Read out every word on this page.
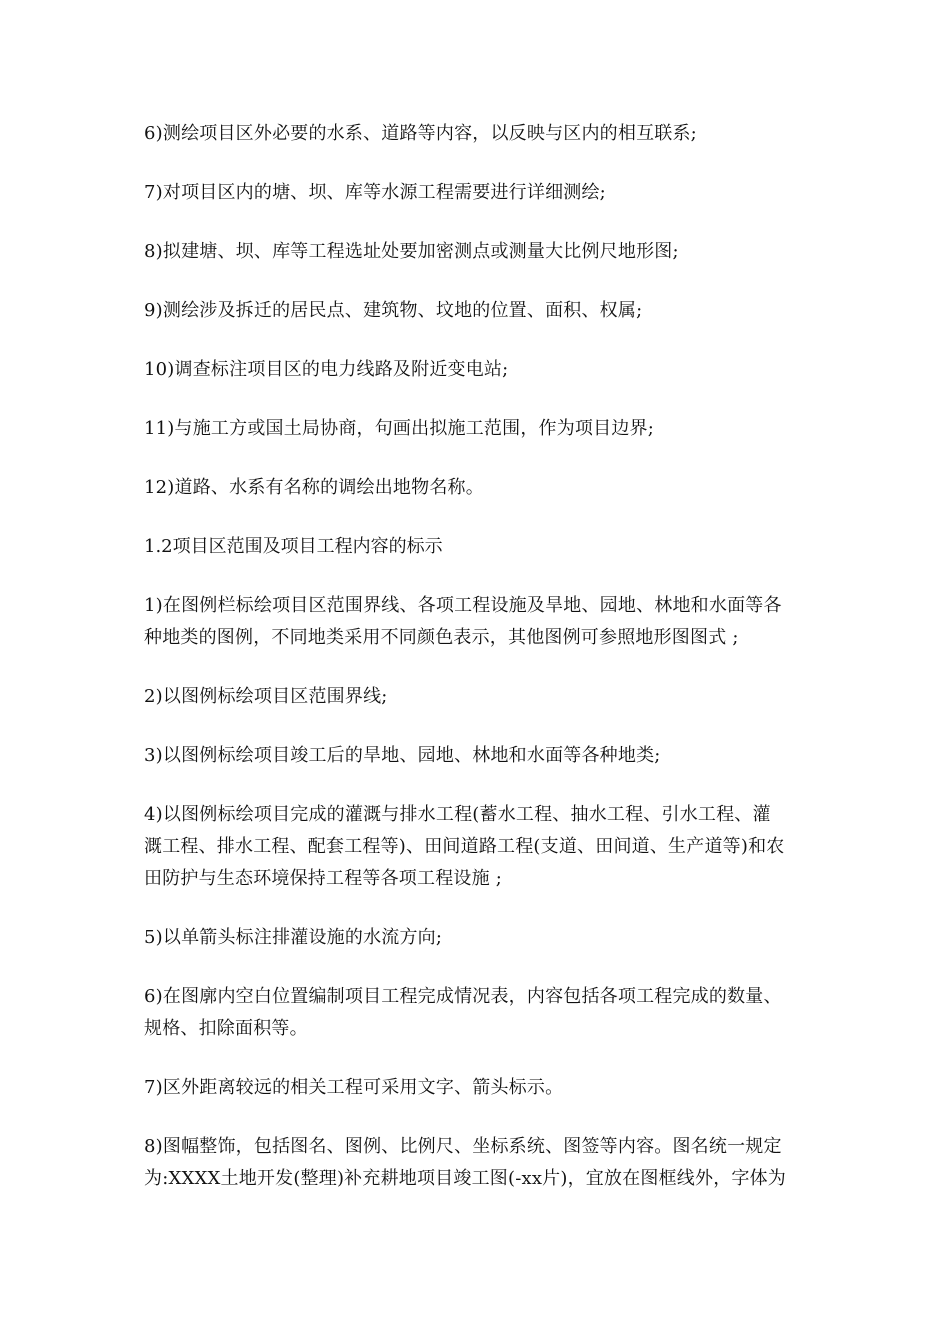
6)测绘项目区外必要的水系、道路等内容，以反映与区内的相互联系;

7)对项目区内的塘、坝、库等水源工程需要进行详细测绘;

8)拟建塘、坝、库等工程选址处要加密测点或测量大比例尺地形图;

9)测绘涉及拆迁的居民点、建筑物、坟地的位置、面积、权属;

10)调查标注项目区的电力线路及附近变电站;

11)与施工方或国土局协商，句画出拟施工范围，作为项目边界;

12)道路、水系有名称的调绘出地物名称。

1.2项目区范围及项目工程内容的标示

1)在图例栏标绘项目区范围界线、各项工程设施及旱地、园地、林地和水面等各
种地类的图例，不同地类采用不同颜色表示，其他图例可参照地形图图式 ;

2)以图例标绘项目区范围界线;

3)以图例标绘项目竣工后的旱地、园地、林地和水面等各种地类;

4)以图例标绘项目完成的灌溉与排水工程(蓄水工程、抽水工程、引水工程、灌
溉工程、排水工程、配套工程等)、田间道路工程(支道、田间道、生产道等)和农
田防护与生态环境保持工程等各项工程设施 ;

5)以单箭头标注排灌设施的水流方向;

6)在图廓内空白位置编制项目工程完成情况表，内容包括各项工程完成的数量、
规格、扣除面积等。

7)区外距离较远的相关工程可采用文字、箭头标示。

8)图幅整饰，包括图名、图例、比例尺、坐标系统、图签等内容。图名统一规定
为:XXXX土地开发(整理)补充耕地项目竣工图(-xx片)，宜放在图框线外，字体为
